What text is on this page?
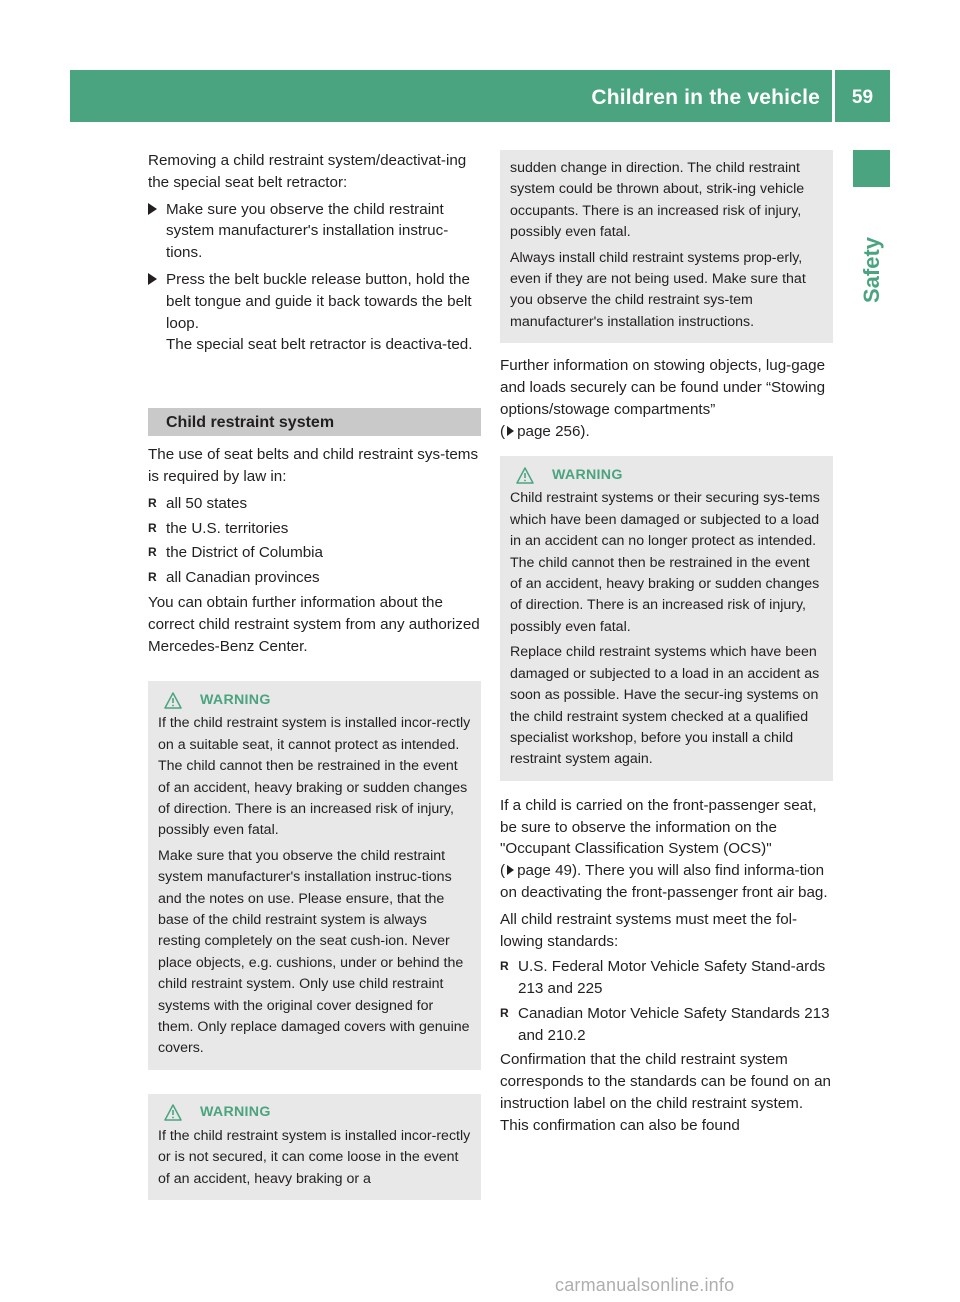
Children in the vehicle	59
Safety

Removing a child restraint system/deactivat-ing the special seat belt retractor:

Make sure you observe the child restraint system manufacturer's installation instruc-tions.

Press the belt buckle release button, hold the belt tongue and guide it back towards the belt loop.

The special seat belt retractor is deactiva-ted.

Child restraint system

The use of seat belts and child restraint sys-tems is required by law in:

R all 50 states
R the U.S. territories
R the District of Columbia
R all Canadian provinces

You can obtain further information about the correct child restraint system from any authorized Mercedes-Benz Center.

WARNING

If the child restraint system is installed incor-rectly on a suitable seat, it cannot protect as intended. The child cannot then be restrained in the event of an accident, heavy braking or sudden changes of direction. There is an increased risk of injury, possibly even fatal.

Make sure that you observe the child restraint system manufacturer's installation instruc-tions and the notes on use. Please ensure, that the base of the child restraint system is always resting completely on the seat cush-ion. Never place objects, e.g. cushions, under or behind the child restraint system. Only use child restraint systems with the original cover designed for them. Only replace damaged covers with genuine covers.

WARNING

If the child restraint system is installed incor-rectly or is not secured, it can come loose in the event of an accident, heavy braking or a

sudden change in direction. The child restraint system could be thrown about, strik-ing vehicle occupants. There is an increased risk of injury, possibly even fatal.

Always install child restraint systems prop-erly, even if they are not being used. Make sure that you observe the child restraint sys-tem manufacturer's installation instructions.

Further information on stowing objects, lug-gage and loads securely can be found under “Stowing options/stowage compartments”
( page 256).

WARNING

Child restraint systems or their securing sys-tems which have been damaged or subjected to a load in an accident can no longer protect as intended. The child cannot then be restrained in the event of an accident, heavy braking or sudden changes of direction. There is an increased risk of injury, possibly even fatal.

Replace child restraint systems which have been damaged or subjected to a load in an accident as soon as possible. Have the secur-ing systems on the child restraint system checked at a qualified specialist workshop, before you install a child restraint system again.

If a child is carried on the front-passenger seat, be sure to observe the information on the "Occupant Classification System (OCS)"
( page 49). There you will also find informa-tion on deactivating the front-passenger front air bag.

All child restraint systems must meet the fol-lowing standards:

R U.S. Federal Motor Vehicle Safety Stand-ards 213 and 225
R Canadian Motor Vehicle Safety Standards 213 and 210.2

Confirmation that the child restraint system corresponds to the standards can be found on an instruction label on the child restraint system. This confirmation can also be found

carmanualsonline.info
